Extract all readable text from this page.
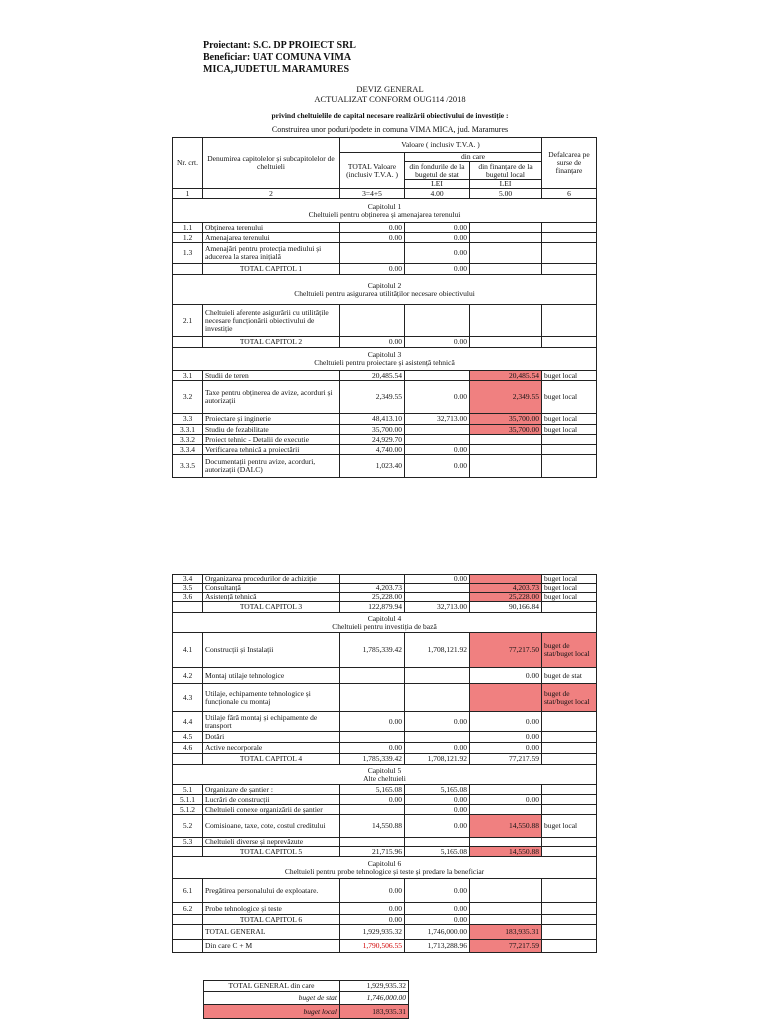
Proiectant: S.C. DP PROIECT SRL
Beneficiar: UAT COMUNA VIMA
MICA,JUDETUL MARAMURES
DEVIZ GENERAL
ACTUALIZAT CONFORM OUG114 /2018
privind cheltuielile de capital necesare realizării obiectivului de investiție :
Construirea unor poduri/podete in comuna VIMA MICA, jud. Maramures
Nr. crt.	Denumirea capitolelor și subcapitolelor de cheltuieli	Valoare ( inclusiv T.V.A. )			Defalcarea pe surse de finanțare
		TOTAL Valoare (inclusiv T.V.A. )	din care		
			din fondurile de la bugetul de stat	din finanțare de la bugetul local	
			LEI	LEI	
1	2	3=4+5	4.00	5.00	6

Capitolul 1
Cheltuieli pentru obținerea și amenajarea terenului					

1.1	Obținerea terenului	0.00	0.00		
1.2	Amenajarea terenului	0.00	0.00		
1.3	Amenajări pentru protecția mediului și aducerea la starea inițială		0.00		
	TOTAL CAPITOL 1	0.00	0.00		

Capitolul 2
Cheltuieli pentru asigurarea utilităților necesare obiectivului					

2.1	Cheltuieli aferente asigurării cu utilitățile necesare funcționării obiectivului de investiție				
	TOTAL CAPITOL 2	0.00	0.00		

Capitolul 3
Cheltuieli pentru proiectare și asistență tehnică					

3.1	Studii de teren	20,485.54		20,485.54	buget local
3.2	Taxe pentru obținerea de avize, acorduri și autorizații	2,349.55	0.00	2,349.55	buget local
3.3	Proiectare și inginerie	48,413.10	32,713.00	35,700.00	buget local
3.3.1	Studiu de fezabilitate	35,700.00		35,700.00	buget local
3.3.2	Proiect tehnic - Detalii de executie	24,929.70			
3.3.4	Verificarea tehnică a proiectării	4,740.00	0.00		
3.3.5	Documentații pentru avize, acorduri, autorizații (DALC)	1,023.40	0.00		
3.4	Organizarea procedurilor de achiziție		0.00		buget local
3.5	Consultanță	4,203.73		4,203.73	buget local
3.6	Asistență tehnică	25,228.00		25,228.00	buget local
	TOTAL CAPITOL 3	122,879.94	32,713.00	90,166.84	

Capitolul 4
Cheltuieli pentru investiția de bază					

4.1	Construcții și Instalații	1,785,339.42	1,708,121.92	77,217.50	buget de stat/buget local
4.2	Montaj utilaje tehnologice			0.00	buget de stat
4.3	Utilaje, echipamente tehnologice și funcționale cu montaj				buget de stat/buget local
4.4	Utilaje fără montaj și echipamente de transport	0.00	0.00	0.00	
4.5	Dotări			0.00	
4.6	Active necorporale	0.00	0.00	0.00	
	TOTAL CAPITOL 4	1,785,339.42	1,708,121.92	77,217.59	

Capitolul 5
Alte cheltuieli					

5.1	Organizare de șantier :	5,165.08	5,165.08		
5.1.1	Lucrări de construcții	0.00	0.00	0.00	
5.1.2	Cheltuieli conexe organizării de șantier		0.00		
5.2	Comisioane, taxe, cote, costul creditului	14,550.88	0.00	14,550.88	buget local
5.3	Cheltuieli diverse și neprevăzute				
	TOTAL CAPITOL 5	21,715.96	5,165.08	14,550.88	

Capitolul 6
Cheltuieli pentru probe tehnologice și teste și predare la beneficiar					

6.1	Pregătirea personalului de exploatare.	0.00	0.00		
6.2	Probe tehnologice și teste	0.00	0.00		
	TOTAL CAPITOL 6	0.00	0.00		
	TOTAL GENERAL	1,929,935.32	1,746,000.00	183,935.31	
	Din care C + M	1,790,506.55	1,713,288.96	77,217.59	
TOTAL GENERAL din care	1,929,935.32
buget de stat	1,746,000.00
buget local	183,935.31
